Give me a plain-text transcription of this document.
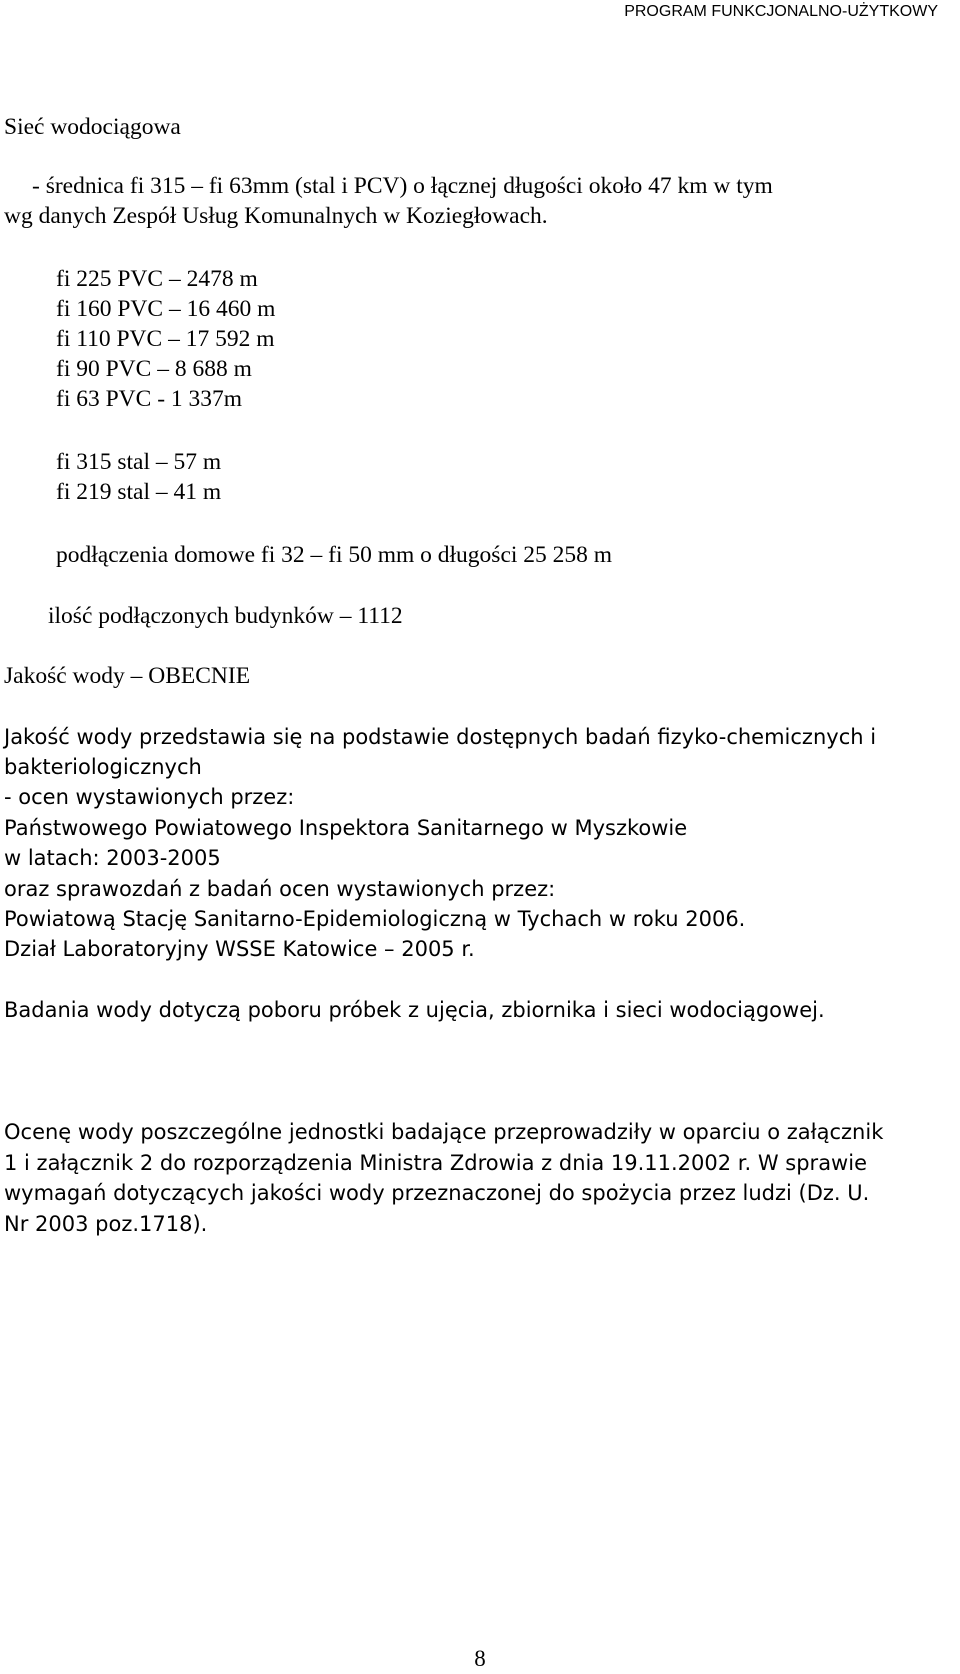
PROGRAM FUNKCJONALNO-UŻYTKOWY
Sieć wodociągowa
- średnica fi 315 – fi 63mm (stal i PCV) o łącznej długości około 47 km w tym
wg danych Zespół Usług Komunalnych w Koziegłowach.
fi 225 PVC – 2478 m
fi 160 PVC – 16 460 m
fi 110 PVC – 17 592 m
fi 90 PVC – 8 688 m
fi 63 PVC - 1 337m
fi 315 stal – 57 m
fi 219 stal – 41 m
podłączenia domowe fi 32 – fi 50 mm o długości 25 258 m
ilość podłączonych budynków – 1112
Jakość wody – OBECNIE
Jakość wody przedstawia się na podstawie dostępnych badań fizyko-chemicznych i
bakteriologicznych
- ocen wystawionych przez:
Państwowego Powiatowego Inspektora Sanitarnego w Myszkowie
w latach: 2003-2005
oraz sprawozdań z badań ocen wystawionych przez:
Powiatową Stację Sanitarno-Epidemiologiczną w Tychach w roku 2006.
Dział Laboratoryjny WSSE Katowice – 2005 r.
Badania wody dotyczą poboru próbek z ujęcia, zbiornika i sieci wodociągowej.
Ocenę wody poszczególne jednostki badające przeprowadziły w oparciu o załącznik
1 i załącznik 2 do rozporządzenia Ministra Zdrowia z dnia 19.11.2002 r. W sprawie
wymagań dotyczących jakości wody przeznaczonej do spożycia przez ludzi (Dz. U.
Nr 2003 poz.1718).
8
